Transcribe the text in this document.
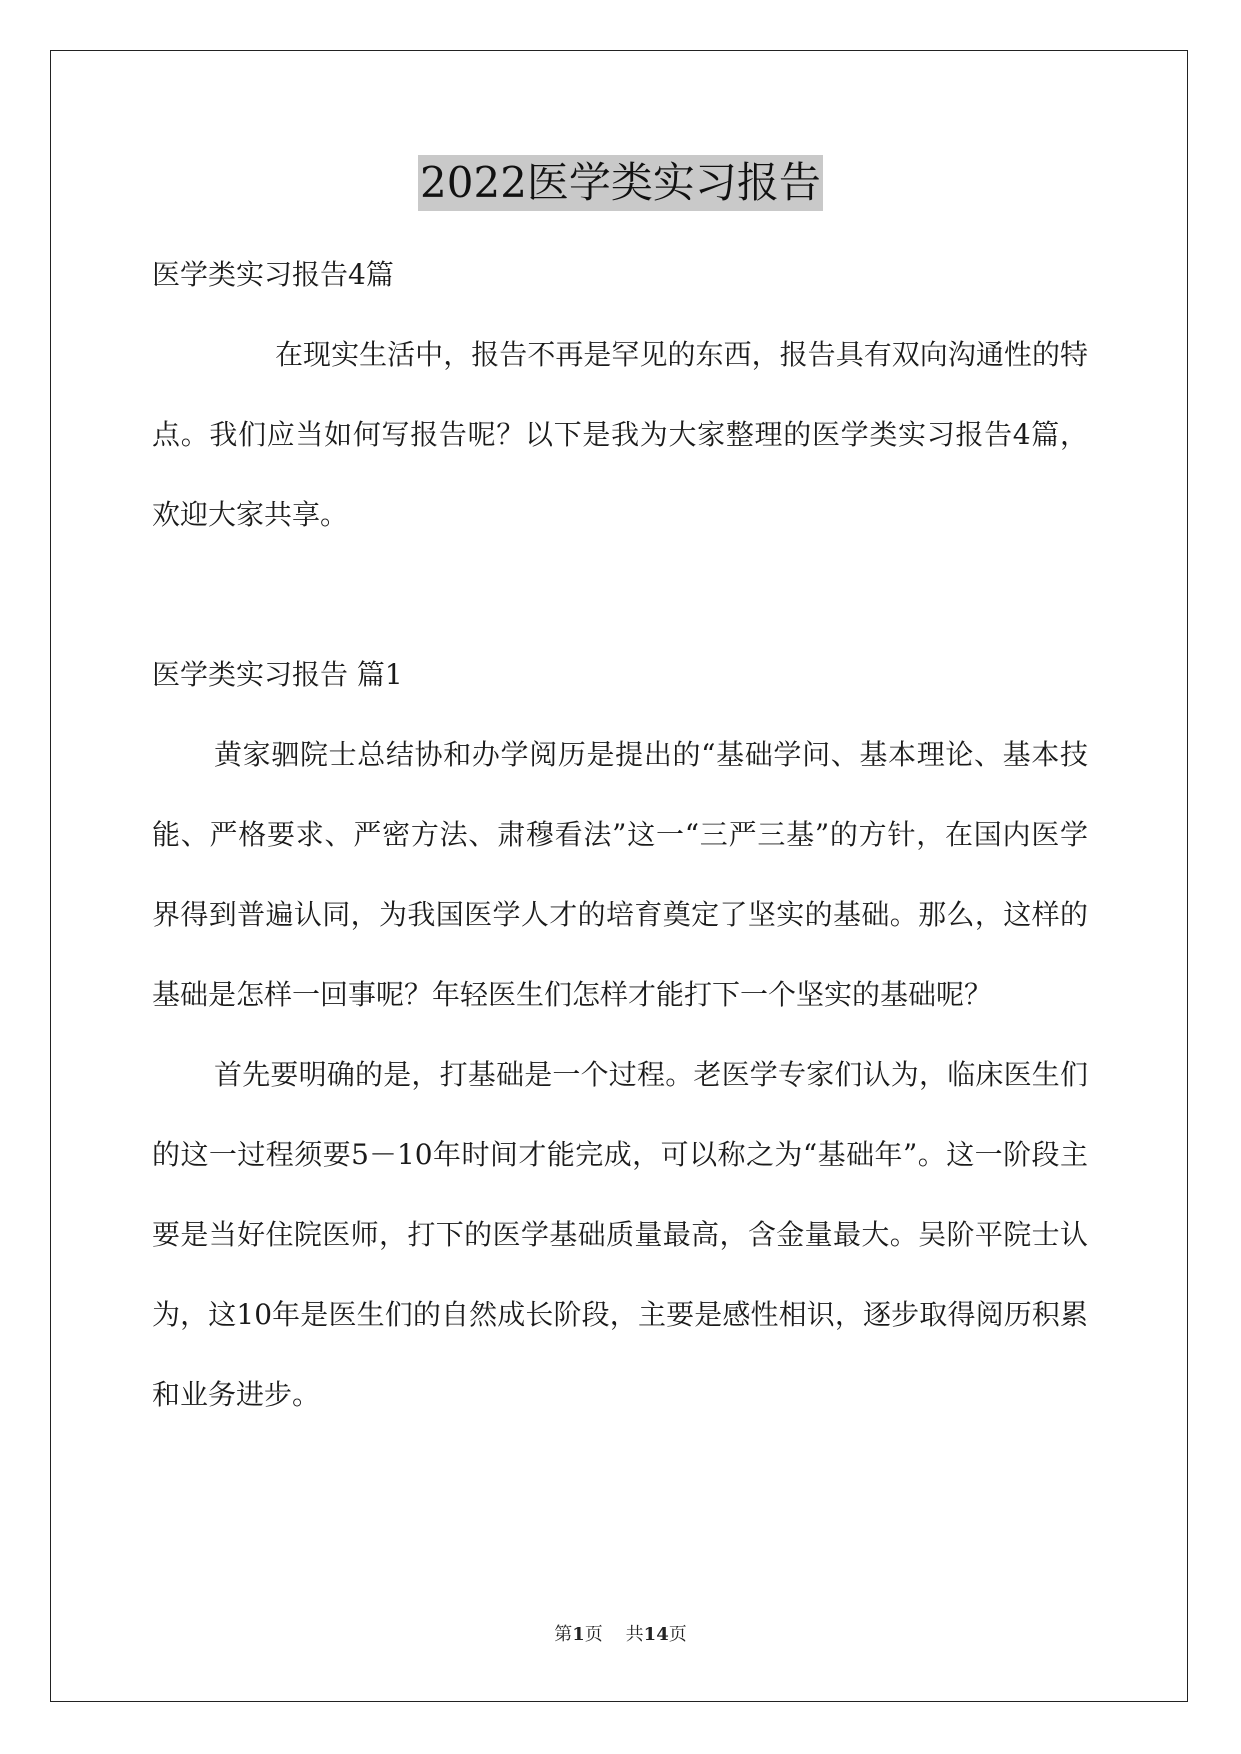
2022医学类实习报告

医学类实习报告4篇

在现实生活中，报告不再是罕见的东西，报告具有双向沟通性的特点。我们应当如何写报告呢？以下是我为大家整理的医学类实习报告4篇，欢迎大家共享。

医学类实习报告 篇1

黄家驷院士总结协和办学阅历是提出的“基础学问、基本理论、基本技能、严格要求、严密方法、肃穆看法”这一“三严三基”的方针，在国内医学界得到普遍认同，为我国医学人才的培育奠定了坚实的基础。那么，这样的基础是怎样一回事呢？年轻医生们怎样才能打下一个坚实的基础呢？

首先要明确的是，打基础是一个过程。老医学专家们认为，临床医生们的这一过程须要5－10年时间才能完成，可以称之为“基础年”。这一阶段主要是当好住院医师，打下的医学基础质量最高，含金量最大。吴阶平院士认为，这10年是医生们的自然成长阶段，主要是感性相识，逐步取得阅历积累和业务进步。

第1页 共14页
